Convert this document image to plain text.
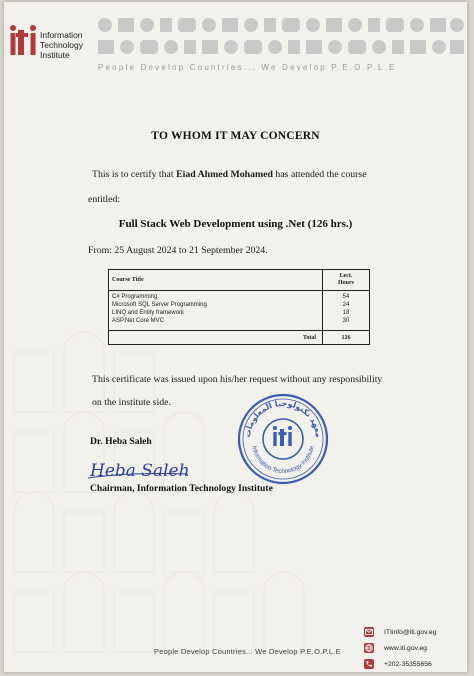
Information
Technology
Institute
People Develop Countries... We Develop P.E.O.P.L.E
TO WHOM IT MAY CONCERN
This is to certify that Eiad Ahmed Mohamed has attended the course
entitled:
Full Stack Web Development using .Net (126 hrs.)
From: 25 August 2024 to 21 September 2024.
Course Title	Lect.
Hours
C# Programming	54
Microsoft SQL Server Programming	24
LINQ and Entity framework	18
ASP.Net Core MVC	30
Total	126
This certificate was issued upon his/her request without any responsibility
on the institute side.
معهد تكنولوجيا المعلومات
Information Technology Institute
Dr. Heba Saleh
Heba Saleh
Chairman, Information Technology Institute
People Develop Countries... We Develop P.E.O.P.L.E
ITIinfo@iti.gov.eg
www.iti.gov.eg
+202-35355656
